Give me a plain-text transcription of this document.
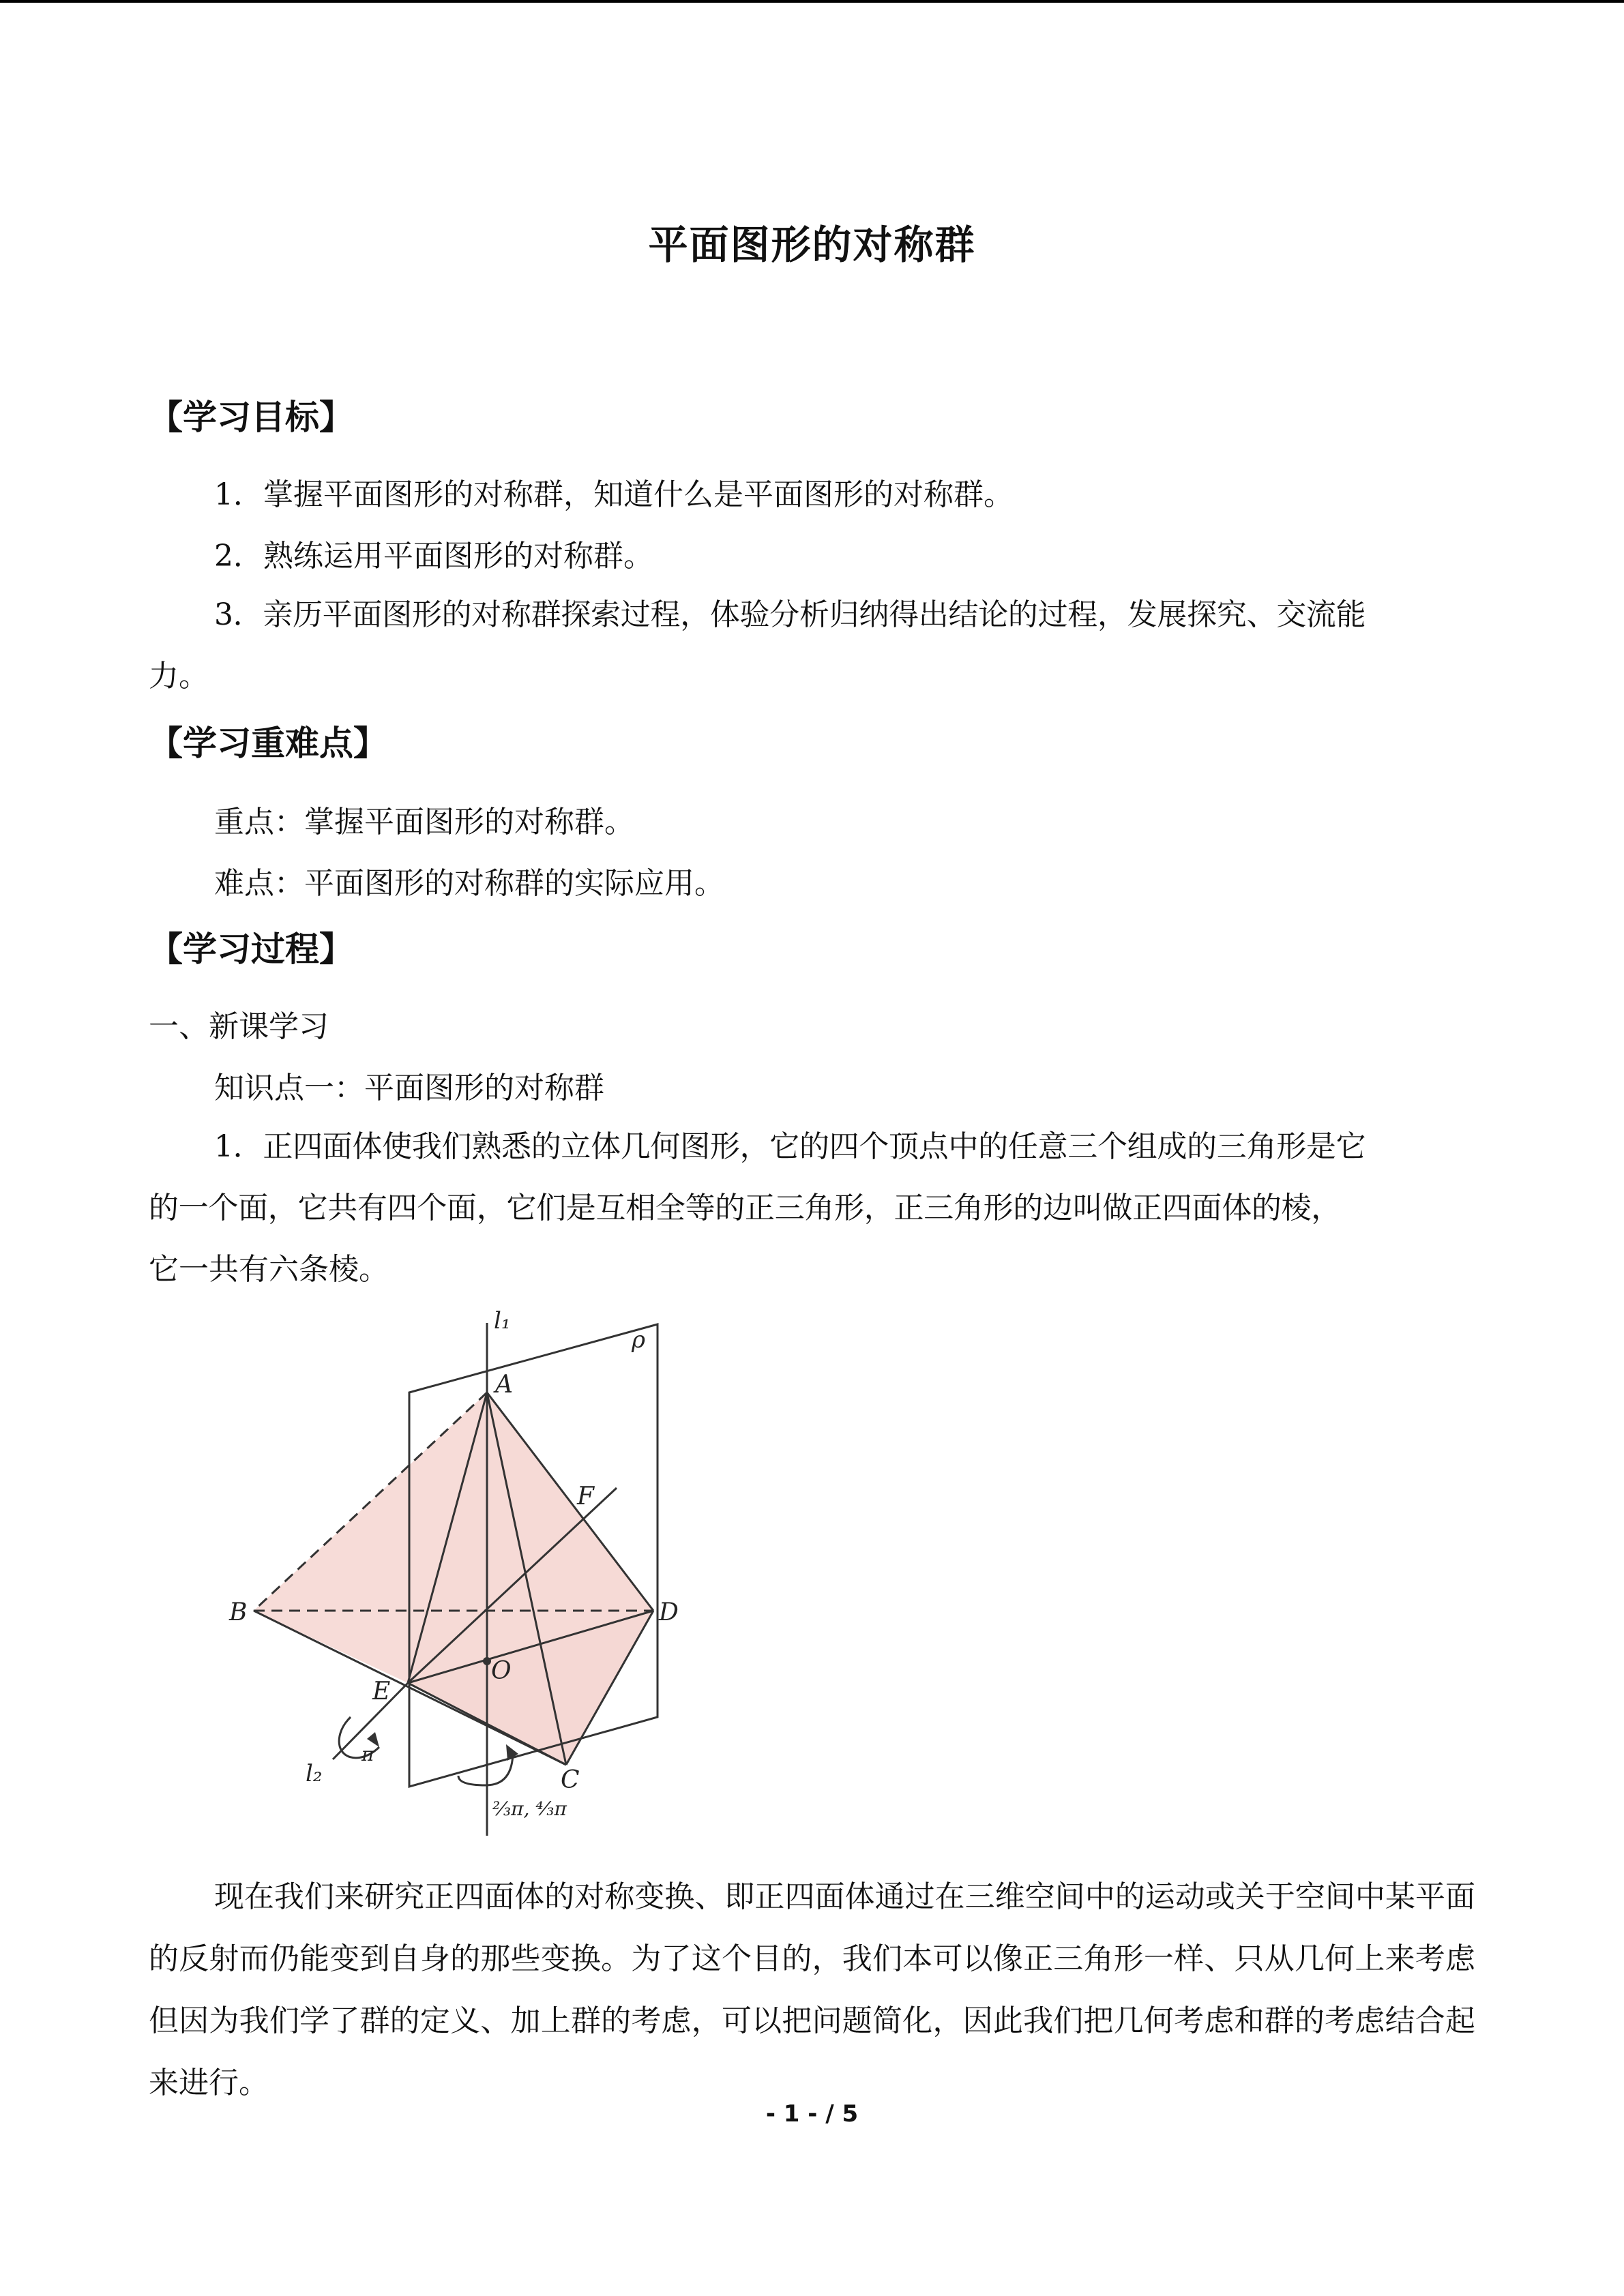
平面图形的对称群
【学习目标】
1．掌握平面图形的对称群，知道什么是平面图形的对称群。
2．熟练运用平面图形的对称群。
3．亲历平面图形的对称群探索过程，体验分析归纳得出结论的过程，发展探究、交流能
力。
【学习重难点】
重点：掌握平面图形的对称群。
难点：平面图形的对称群的实际应用。
【学习过程】
一、新课学习
知识点一：平面图形的对称群
1．正四面体使我们熟悉的立体几何图形，它的四个顶点中的任意三个组成的三角形是它
的一个面，它共有四个面，它们是互相全等的正三角形，正三角形的边叫做正四面体的棱，
它一共有六条棱。
l₁
ρ
A
F
B	D
O
E
C
l₂
π
⅔π, ⁴⁄₃π
现在我们来研究正四面体的对称变换、即正四面体通过在三维空间中的运动或关于空间中某平面的反射而仍能变到自身的那些变换。为了这个目的，我们本可以像正三角形一样、只从几何上来考虑但因为我们学了群的定义、加上群的考虑，可以把问题简化，因此我们把几何考虑和群的考虑结合起来进行。
- 1 - / 5
